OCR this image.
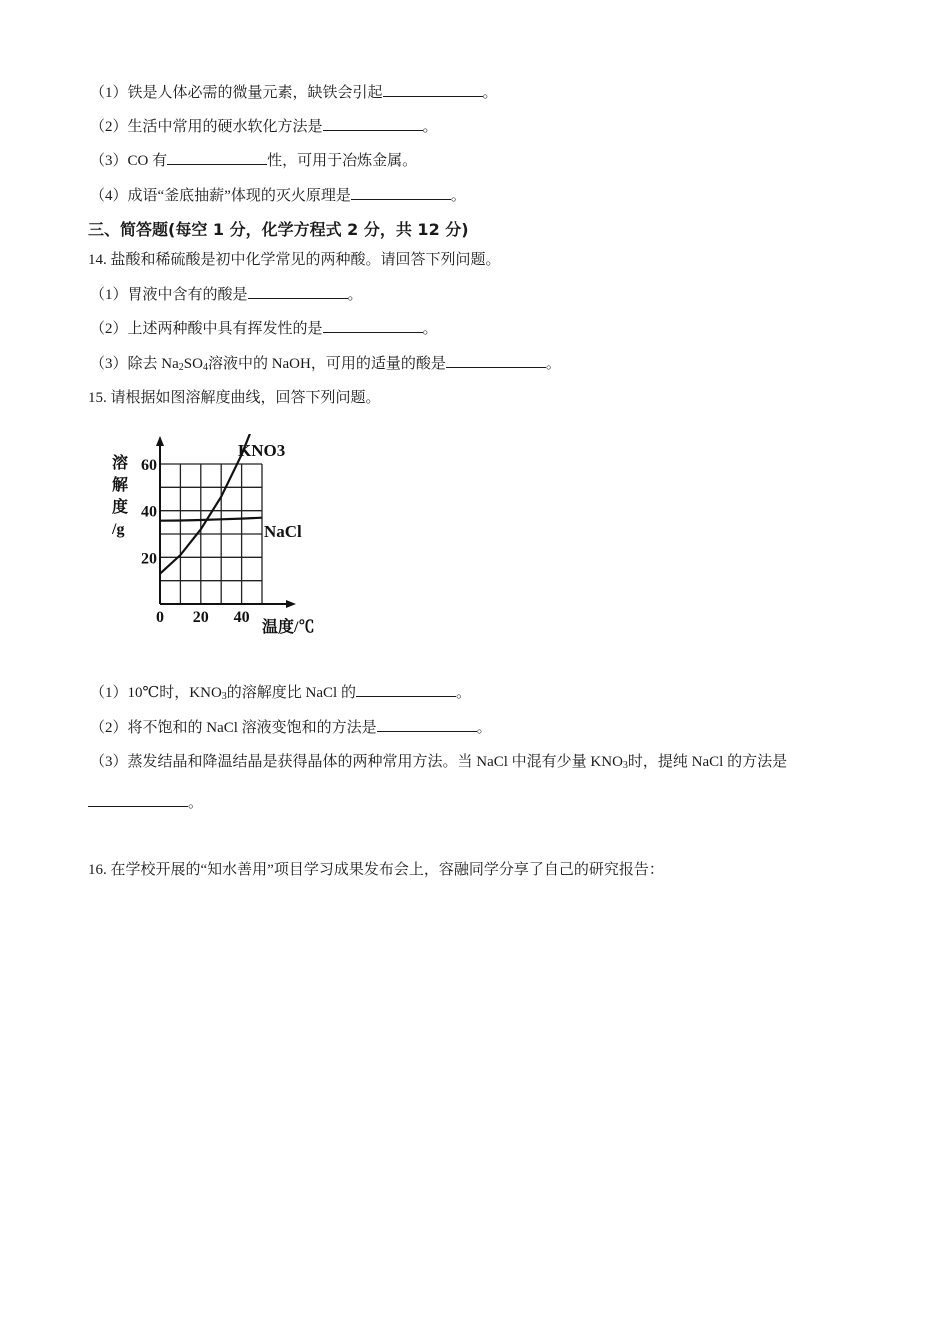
（1）铁是人体必需的微量元素，缺铁会引起	。
（2）生活中常用的硬水软化方法是	。
（3）CO 有	性，可用于冶炼金属。
（4）成语“釜底抽薪”体现的灭火原理是	。
三、简答题(每空 1 分，化学方程式 2 分，共 12 分)
14. 盐酸和稀硫酸是初中化学常见的两种酸。请回答下列问题。
（1）胃液中含有的酸是	。
（2）上述两种酸中具有挥发性的是	。
（3）除去 $Na_2SO_4$溶液中的 NaOH，可用的适量的酸是	。
15. 请根据如图溶解度曲线，回答下列问题。
KNO3
NaCl
20
40
60
0 20 40
溶
解
度
/g
温度/℃
（1）10℃时，$KNO_3$的溶解度比 NaCl 的	。
（2）将不饱和的 NaCl 溶液变饱和的方法是	。
（3）蒸发结晶和降温结晶是获得晶体的两种常用方法。当 NaCl 中混有少量 $KNO_3$时，提纯 NaCl 的方法是
。
16. 在学校开展的“知水善用”项目学习成果发布会上，容融同学分享了自己的研究报告：
